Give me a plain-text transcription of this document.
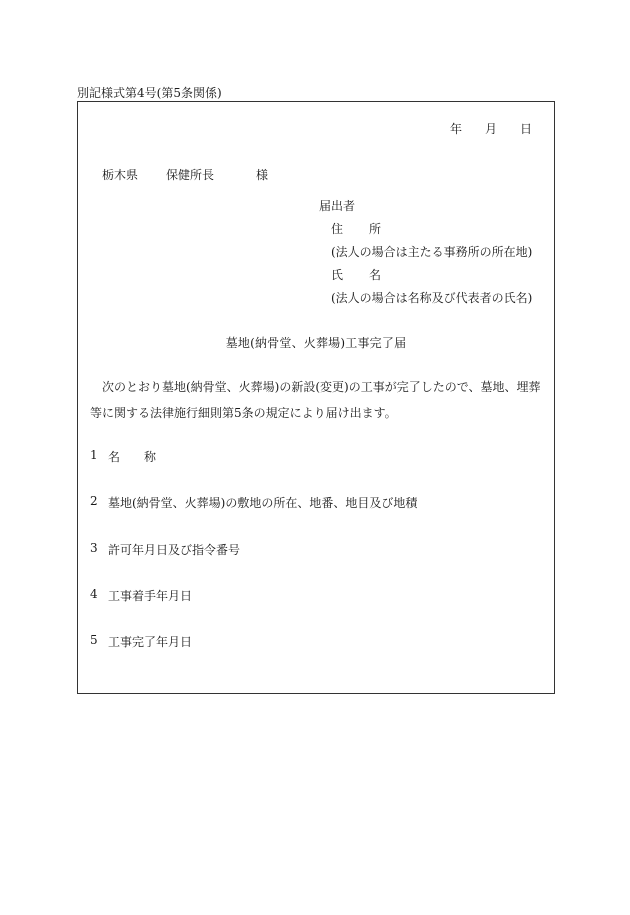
別記様式第4号(第5条関係)
年 月 日
栃木県	保健所長	様
届出者
住	所
(法人の場合は主たる事務所の所在地)
氏	名
(法人の場合は名称及び代表者の氏名)
墓地(納骨堂、火葬場)工事完了届
次のとおり墓地(納骨堂、火葬場)の新設(変更)の工事が完了したので、墓地、埋葬等に関する法律施行細則第5条の規定により届け出ます。
1 名	称
2 墓地(納骨堂、火葬場)の敷地の所在、地番、地目及び地積
3 許可年月日及び指令番号
4 工事着手年月日
5 工事完了年月日
